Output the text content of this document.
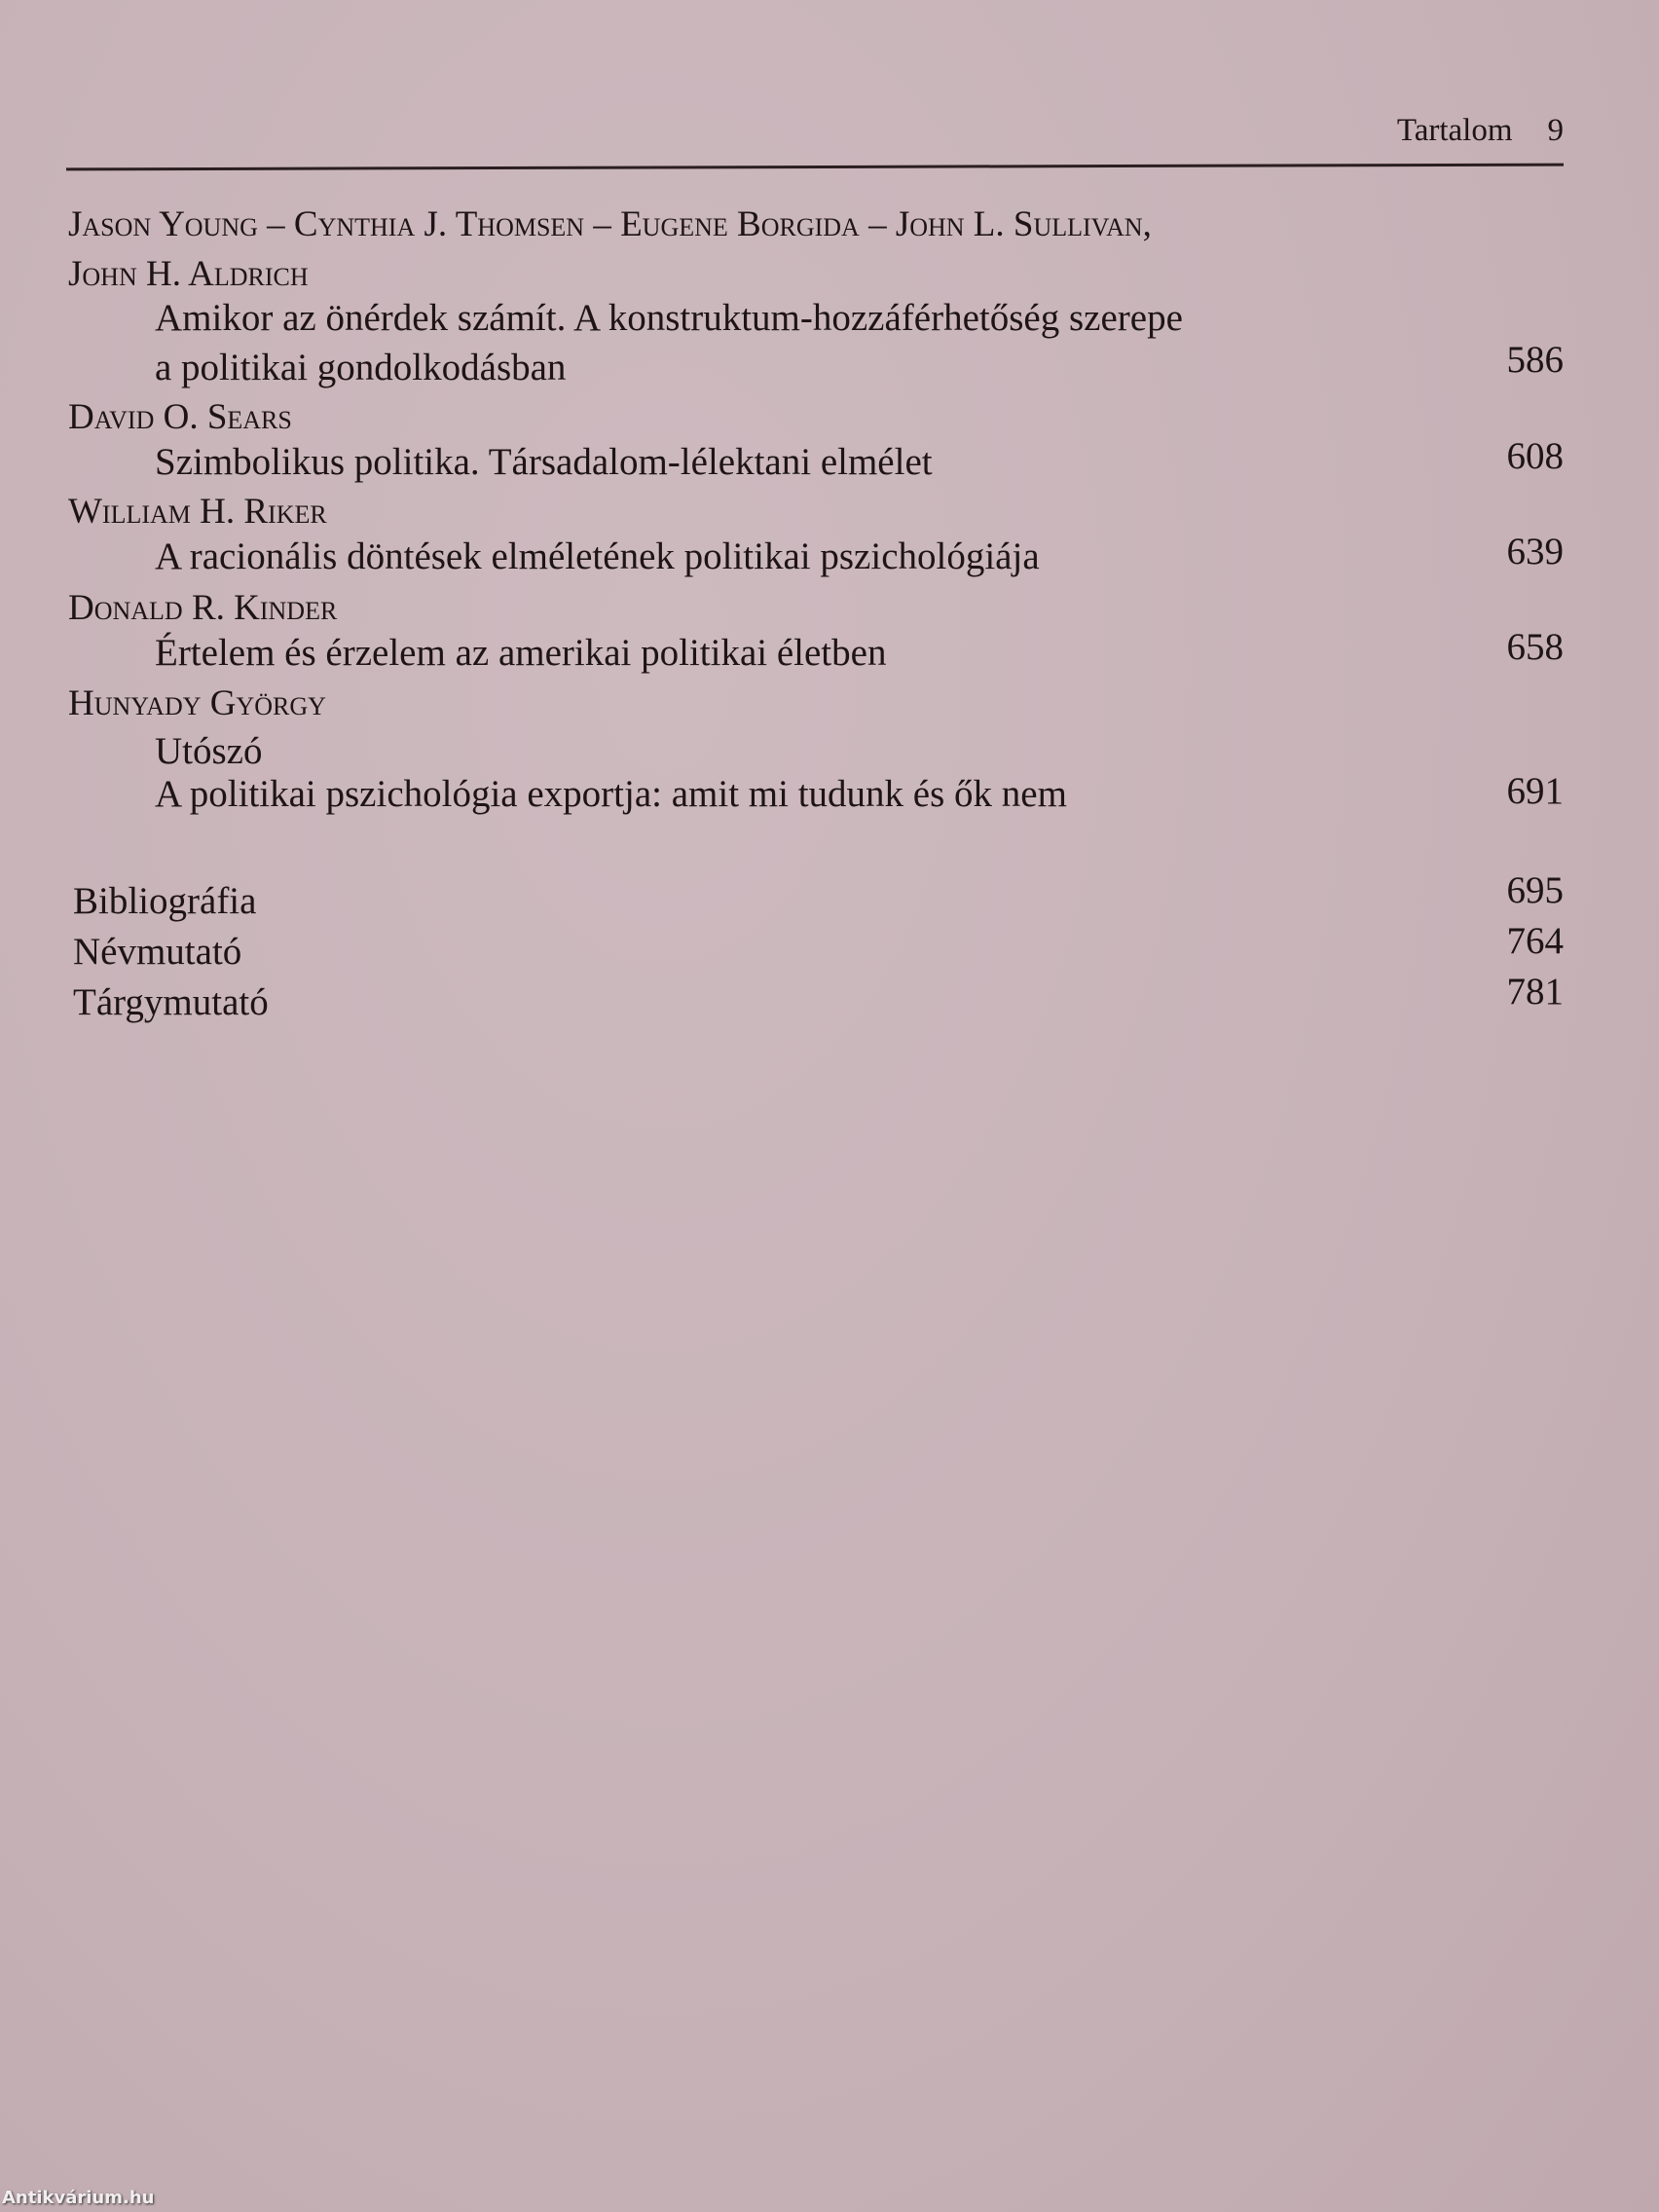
Tartalom 9
Jason Young – Cynthia J. Thomsen – Eugene Borgida – John L. Sullivan,
John H. Aldrich
Amikor az önérdek számít. A konstruktum-hozzáférhetőség szerepe
a politikai gondolkodásban	586
David O. Sears
Szimbolikus politika. Társadalom-lélektani elmélet	608
William H. Riker
A racionális döntések elméletének politikai pszichológiája	639
Donald R. Kinder
Értelem és érzelem az amerikai politikai életben	658
Hunyady György
Utószó
A politikai pszichológia exportja: amit mi tudunk és ők nem	691
Bibliográfia	695
Névmutató	764
Tárgymutató	781
Antikvárium.hu
